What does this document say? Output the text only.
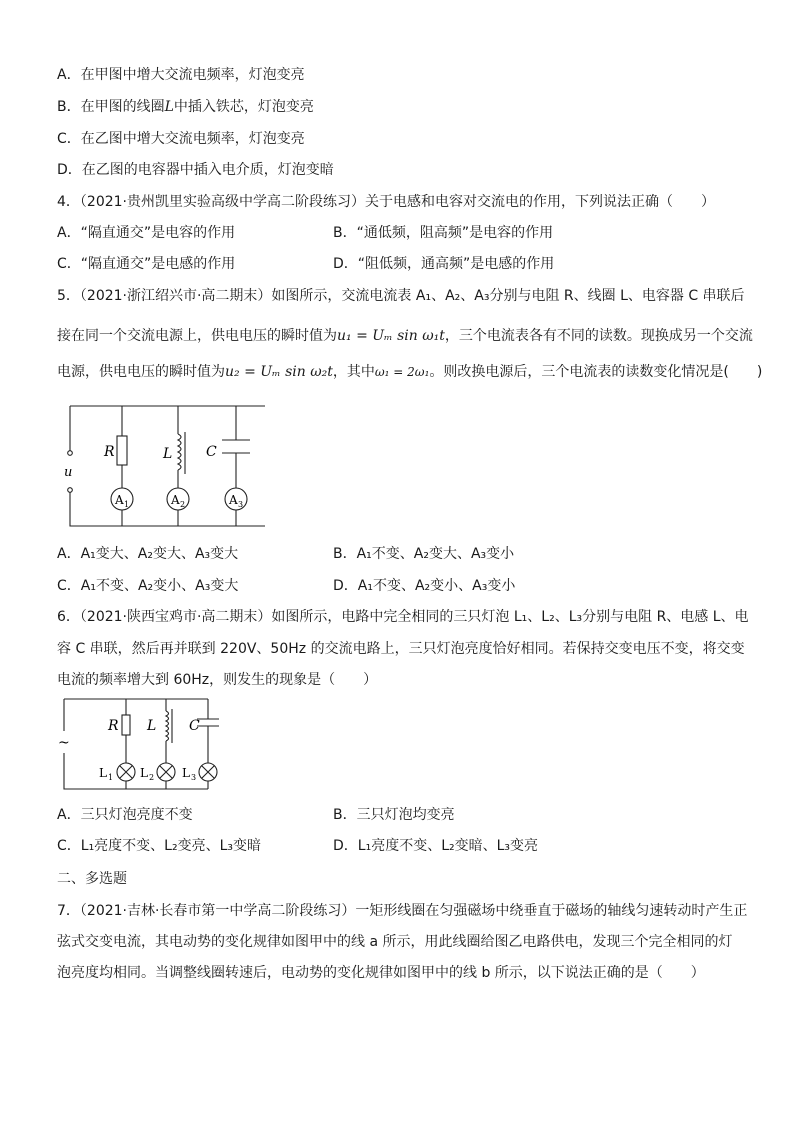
A．在甲图中增大交流电频率，灯泡变亮
B．在甲图的线圈L中插入铁芯，灯泡变亮
C．在乙图中增大交流电频率，灯泡变亮
D．在乙图的电容器中插入电介质，灯泡变暗
4．（2021·贵州凯里实验高级中学高二阶段练习）关于电感和电容对交流电的作用，下列说法正确（　　）
A．“隔直通交”是电容的作用	B．“通低频，阻高频”是电容的作用
C．“隔直通交”是电感的作用	D．“阻低频，通高频”是电感的作用
5．（2021·浙江绍兴市·高二期末）如图所示，交流电流表 A₁、A₂、A₃分别与电阻 R、线圈 L、电容器 C 串联后
接在同一个交流电源上，供电电压的瞬时值为u₁ = Uₘ sin ω₁t，三个电流表各有不同的读数。现换成另一个交流
电源，供电电压的瞬时值为u₂ = Uₘ sin ω₂t，其中ω₁ = 2ω₁。则改换电源后，三个电流表的读数变化情况是(　　)
u
R	L C
A 1	A 2	A 3
A．A₁变大、A₂变大、A₃变大	B．A₁不变、A₂变大、A₃变小
C．A₁不变、A₂变小、A₃变大	D．A₁不变、A₂变小、A₃变小
6．（2021·陕西宝鸡市·高二期末）如图所示，电路中完全相同的三只灯泡 L₁、L₂、L₃分别与电阻 R、电感 L、电
容 C 串联，然后再并联到 220V、50Hz 的交流电路上，三只灯泡亮度恰好相同。若保持交变电压不变，将交变
电流的频率增大到 60Hz，则发生的现象是（　　）
~
R L C
L 1 L 2 L 3
A．三只灯泡亮度不变	B．三只灯泡均变亮
C．L₁亮度不变、L₂变亮、L₃变暗	D．L₁亮度不变、L₂变暗、L₃变亮
二、多选题
7．（2021·吉林·长春市第一中学高二阶段练习）一矩形线圈在匀强磁场中绕垂直于磁场的轴线匀速转动时产生正
弦式交变电流，其电动势的变化规律如图甲中的线 a 所示，用此线圈给图乙电路供电，发现三个完全相同的灯
泡亮度均相同。当调整线圈转速后，电动势的变化规律如图甲中的线 b 所示，以下说法正确的是（　　）
